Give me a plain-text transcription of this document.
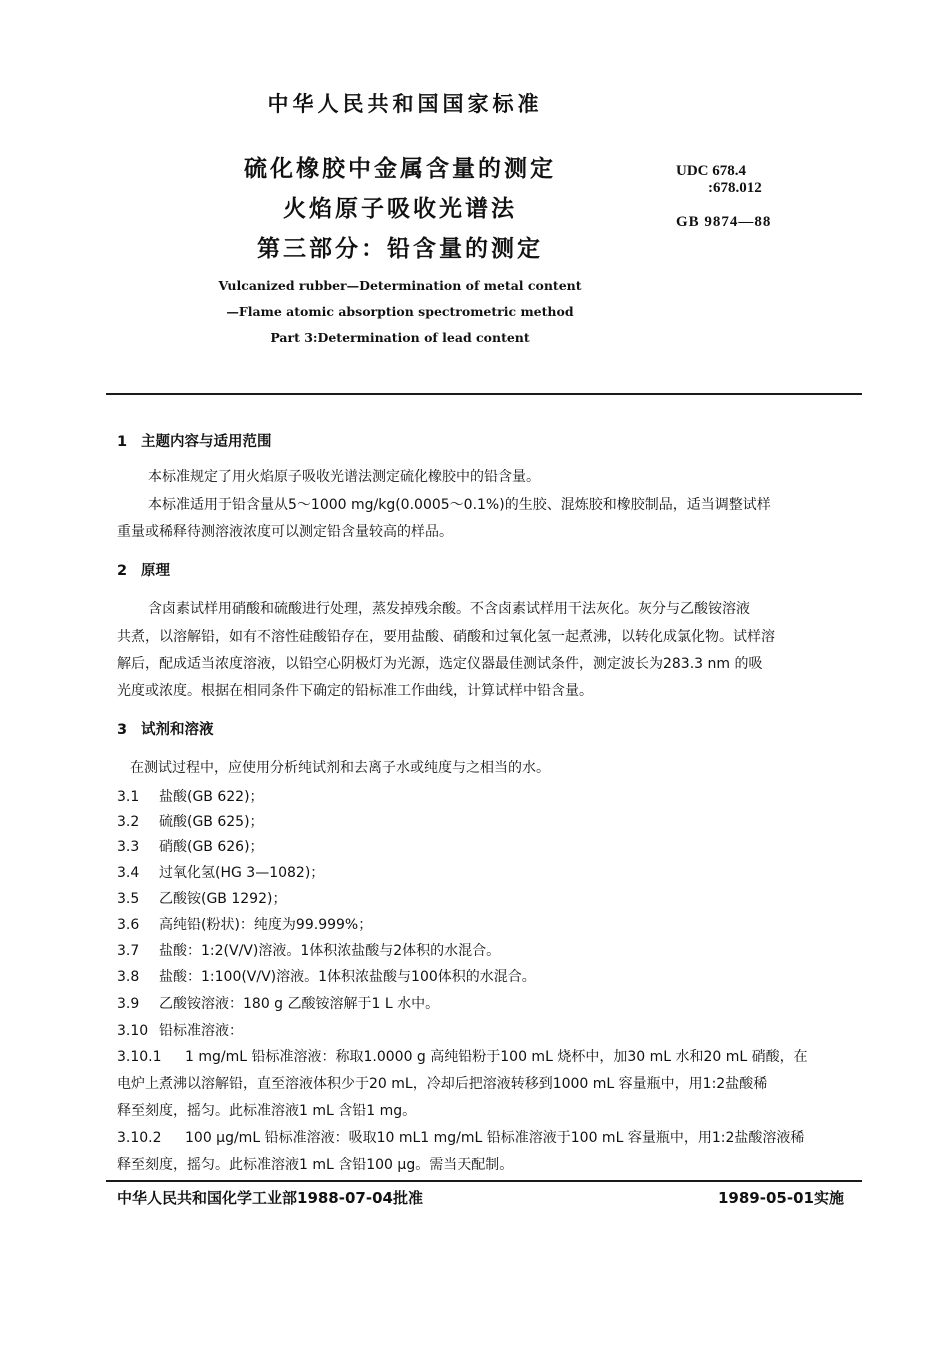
中华人民共和国国家标准
硫化橡胶中金属含量的测定
火焰原子吸收光谱法
第三部分：铅含量的测定
Vulcanized rubber—Determination of metal content
—Flame atomic absorption spectrometric method
Part 3:Determination of lead content
UDC 678.4
:678.012
GB 9874—88
1 主题内容与适用范围
本标准规定了用火焰原子吸收光谱法测定硫化橡胶中的铅含量。
本标准适用于铅含量从5～1000 mg/kg(0.0005～0.1%)的生胶、混炼胶和橡胶制品，适当调整试样
重量或稀释待测溶液浓度可以测定铅含量较高的样品。
2 原理
含卤素试样用硝酸和硫酸进行处理，蒸发掉残余酸。不含卤素试样用干法灰化。灰分与乙酸铵溶液
共煮，以溶解铅，如有不溶性硅酸铅存在，要用盐酸、硝酸和过氧化氢一起煮沸，以转化成氯化物。试样溶
解后，配成适当浓度溶液，以铅空心阴极灯为光源，选定仪器最佳测试条件，测定波长为283.3 nm 的吸
光度或浓度。根据在相同条件下确定的铅标准工作曲线，计算试样中铅含量。
3 试剂和溶液
在测试过程中，应使用分析纯试剂和去离子水或纯度与之相当的水。
3.1 盐酸(GB 622)；
3.2 硫酸(GB 625)；
3.3 硝酸(GB 626)；
3.4 过氧化氢(HG 3—1082)；
3.5 乙酸铵(GB 1292)；
3.6 高纯铅(粉状)：纯度为99.999%；
3.7 盐酸：1:2(V/V)溶液。1体积浓盐酸与2体积的水混合。
3.8 盐酸：1:100(V/V)溶液。1体积浓盐酸与100体积的水混合。
3.9 乙酸铵溶液：180 g 乙酸铵溶解于1 L 水中。
3.10 铅标准溶液：
3.10.1 1 mg/mL 铅标准溶液：称取1.0000 g 高纯铅粉于100 mL 烧杯中，加30 mL 水和20 mL 硝酸，在
电炉上煮沸以溶解铅，直至溶液体积少于20 mL，冷却后把溶液转移到1000 mL 容量瓶中，用1:2盐酸稀
释至刻度，摇匀。此标准溶液1 mL 含铅1 mg。
3.10.2 100 μg/mL 铅标准溶液：吸取10 mL1 mg/mL 铅标准溶液于100 mL 容量瓶中，用1:2盐酸溶液稀
释至刻度，摇匀。此标准溶液1 mL 含铅100 μg。需当天配制。
中华人民共和国化学工业部1988-07-04批准	1989-05-01实施
